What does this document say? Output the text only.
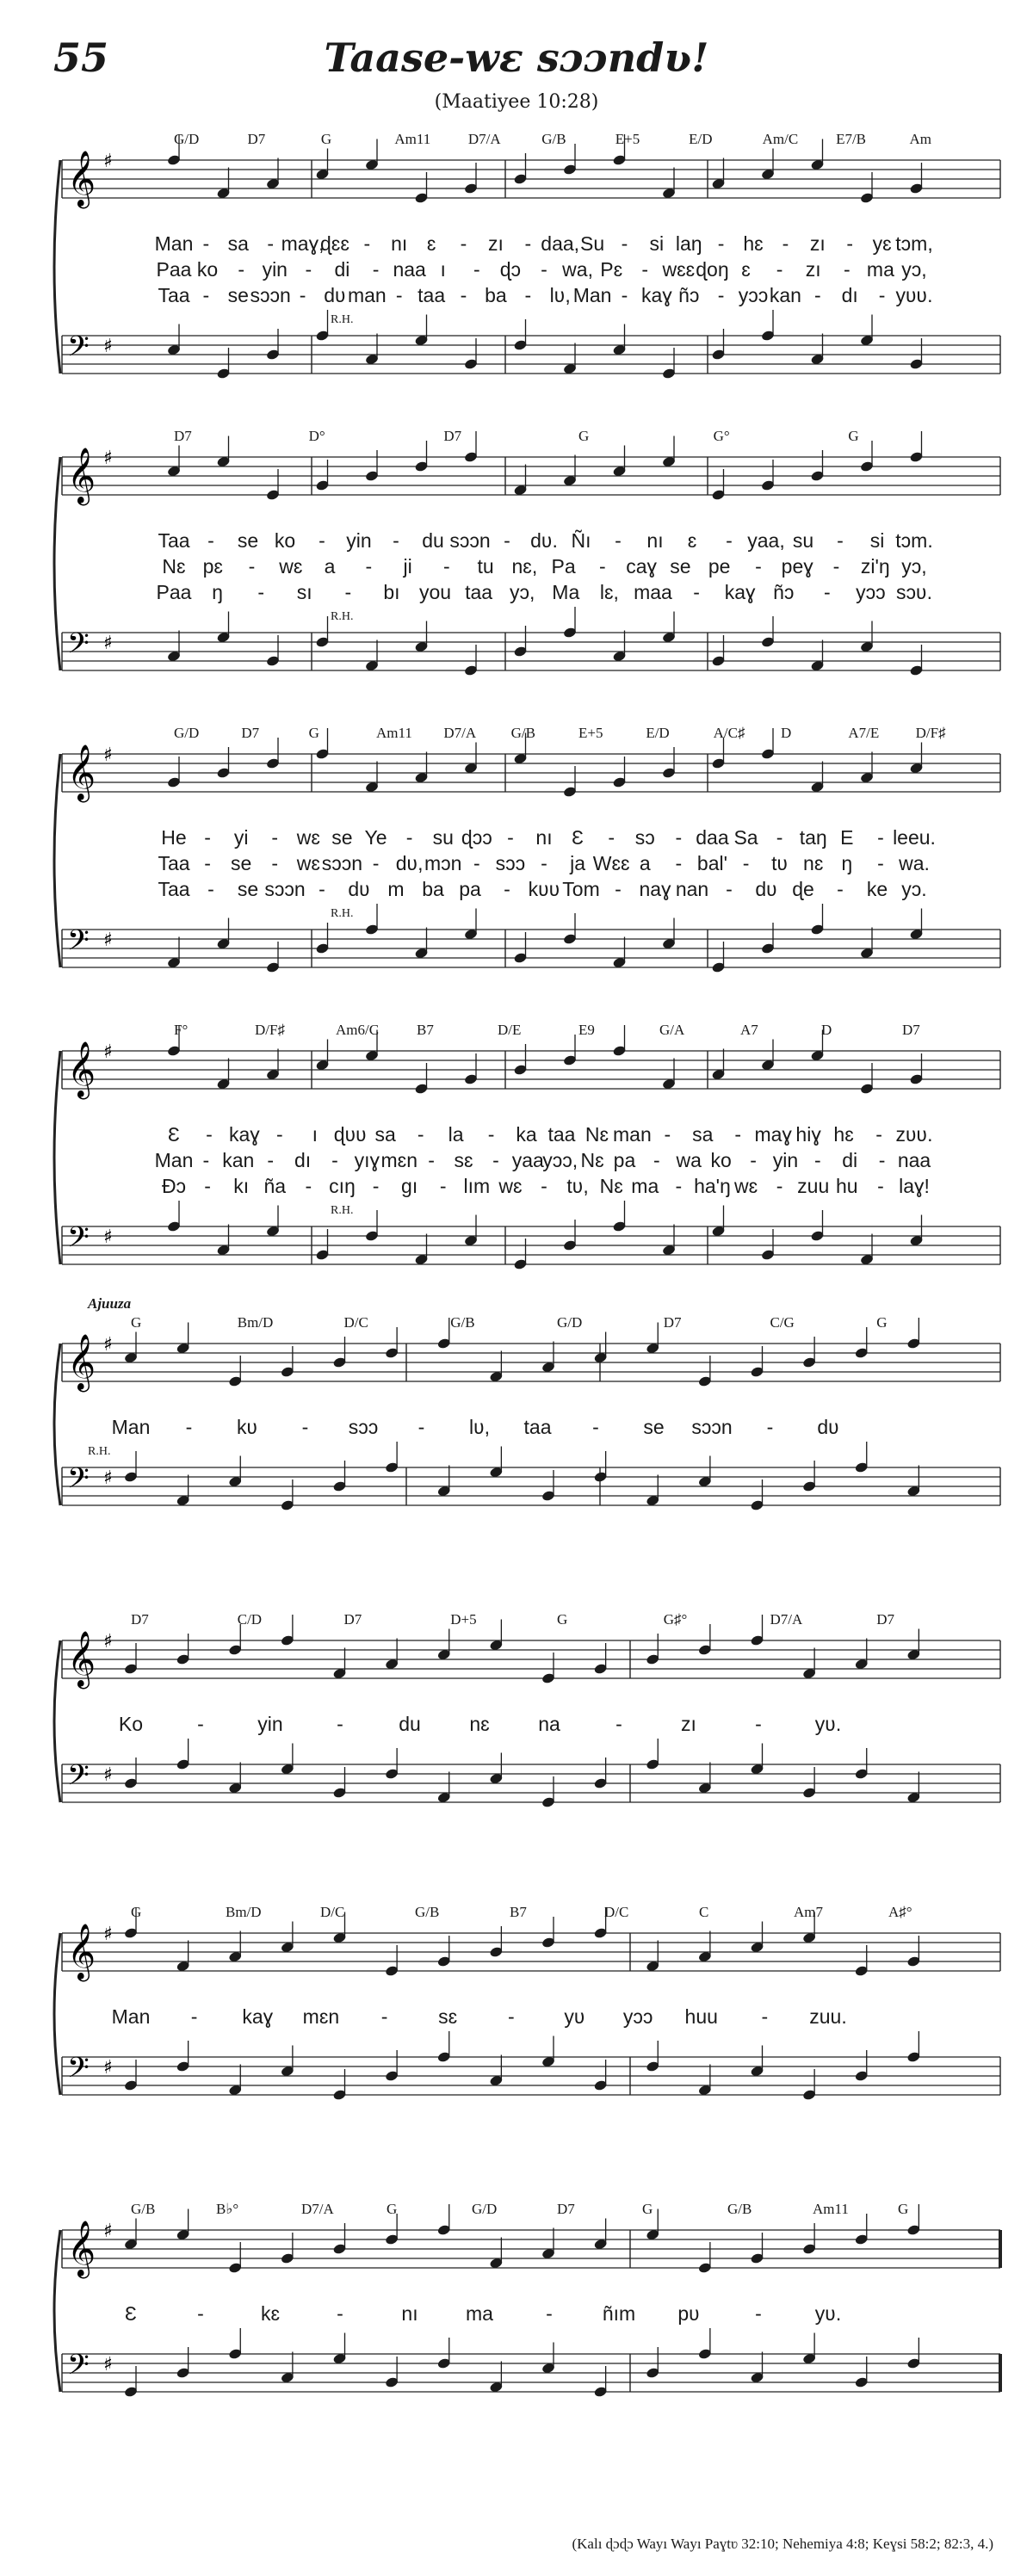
55	Taase-wɛ sɔɔndʋ!
(Maatiyee 10:28)
𝄞 ♯
𝄢 ♯
G/D	D7	G	Am11	D7/A	G/B	E+5	E/D	Am/C	E7/B	Am
Man - sa - maɣ,
ɖɛɛ - nı ɛ - zı - daa, Su - si laŋ - hɛ - zı - yɛ tɔm,
Paa ko - yin - di - naa ı - ɖɔ - wa, Pɛ - wɛɛ ɖoŋ ɛ - zı - ma yɔ,
Taa - se sɔɔn - dʋ man - taa - ba - lʋ, Man - kaɣ ñɔ - yɔɔ kan - dı - yʋʋ.
R.H.
𝄞 ♯
𝄢 ♯
D7	D°	D7	G	G°	G
Taa - se ko - yin - du sɔɔn - dʋ. Ñı - nı ɛ - yaa, su - si tɔm.
Nɛ pɛ - wɛ a - ji - tu nɛ, Pa - caɣ se pe - peɣ - zi'ŋ yɔ,
Paa ŋ - sı - bı you taa yɔ, Ma lɛ, maa - kaɣ ñɔ - yɔɔ sɔʋ.
R.H.
𝄞 ♯
𝄢 ♯
G/D	D7	G	Am11 D7/A G/B	E+5	E/D	A/C♯ D	A7/E D/F♯
He - yi - wɛ se Ye - su ɖɔɔ - nı Ɛ - sɔ - daa Sa - taŋ E - leeu.
Taa - se - wɛ sɔɔn - dʋ, mɔn - sɔɔ - ja Wɛɛ a - bal' - tʋ nɛ ŋ - wa.
Taa - se sɔɔn - dʋ m ba pa - kʋʋ Tom - naɣ nan - dʋ ɖe - ke yɔ.
R.H.
𝄞 ♯
𝄢 ♯
F°	D/F♯	Am6/C	B7	D/E	E9	G/A	A7	D	D7
Ɛ - kaɣ - ı ɖʋʋ sa - la - ka taa Nɛ man - sa - maɣ hiɣ hɛ - zʋʋ.
Man - kan - dı - yıɣ mɛn - sɛ - yaa
yɔɔ, Nɛ pa - wa ko - yin - di - naa
Ɖɔ - kı ña - cıŋ - gı - lım wɛ - tʋ, Nɛ ma - ha'ŋ wɛ - zuu hu - laɣ!
R.H.
𝄞 ♯
𝄢 ♯
G	Bm/D	D/C	G/B	G/D	D7	C/G	G
Man - kʋ - sɔɔ - lʋ, taa - se sɔɔn - dʋ
R.H.
Ajuuza
𝄞 ♯
𝄢 ♯
D7	C/D	D7	D+5	G	G♯°	D7/A	D7
Ko	-	yin	-	du nɛ na	-	zı	-	yʋ.
𝄞 ♯
𝄢 ♯
G	Bm/D	D/C	G/B	B7	D/C	C	Am7	A♯°
Man - kaɣ mɛn -	sɛ	-	yʋ yɔɔ huu - zuu.
𝄞 ♯
𝄢 ♯
G/B	B♭°	D7/A	G	G/D	D7	G	G/B	Am11	G
Ɛ	-	kɛ	-	nı ma	-	ñım pʋ	-	yʋ.
(Kalı ɖɔɖɔ Wayı Wayı Paɣtʋ 32:10; Nehemiya 4:8; Keɣsi 58:2; 82:3, 4.)
